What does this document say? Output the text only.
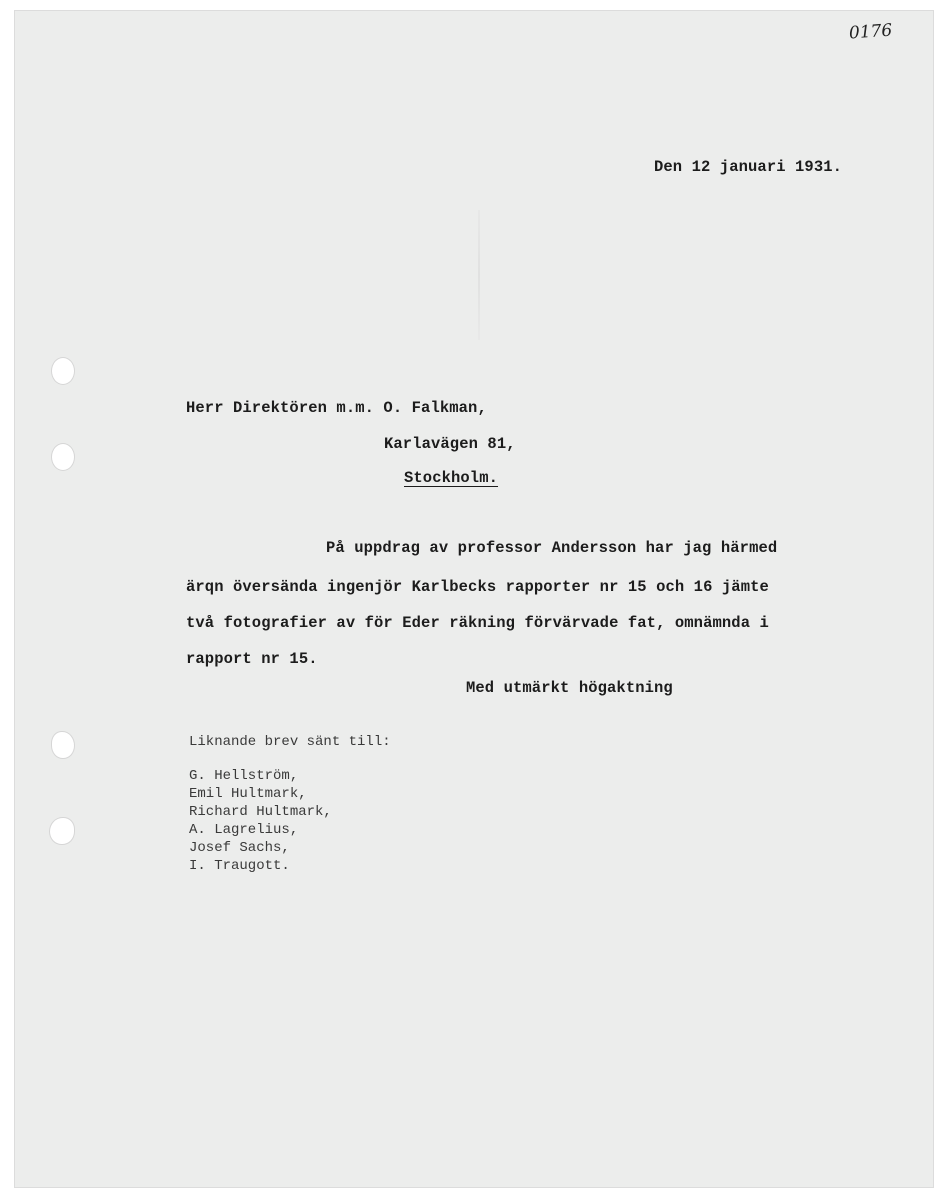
0176
Den 12 januari 1931.
Herr Direktören m.m. O. Falkman,
Karlavägen 81,
Stockholm.
På uppdrag av professor Andersson har jag härmed
ärqn översända ingenjör Karlbecks rapporter nr 15 och 16 jämte
två fotografier av för Eder räkning förvärvade fat, omnämnda i
rapport nr 15.
Med utmärkt högaktning
Liknande brev sänt till:
G. Hellström,
Emil Hultmark,
Richard Hultmark,
A. Lagrelius,
Josef Sachs,
I. Traugott.
